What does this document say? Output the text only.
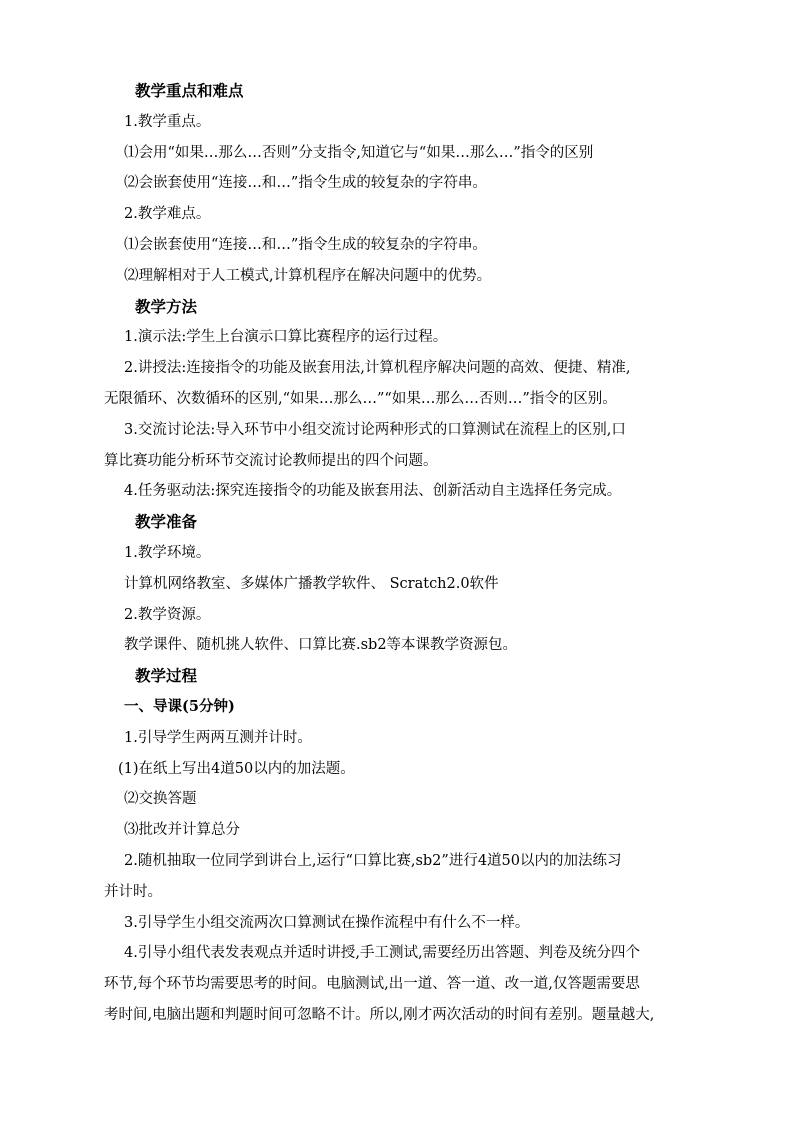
教学重点和难点
1.教学重点。
⑴会用“如果…那么…否则”分支指令,知道它与“如果…那么…”指令的区别
⑵会嵌套使用“连接…和…”指令生成的较复杂的字符串。
2.教学难点。
⑴会嵌套使用“连接…和…”指令生成的较复杂的字符串。
⑵理解相对于人工模式,计算机程序在解决问题中的优势。
教学方法
1.演示法:学生上台演示口算比赛程序的运行过程。
2.讲授法:连接指令的功能及嵌套用法,计算机程序解决问题的高效、便捷、精准,
无限循环、次数循环的区别,“如果…那么…”“如果…那么…否则…”指令的区别。
3.交流讨论法:导入环节中小组交流讨论两种形式的口算测试在流程上的区别,口
算比赛功能分析环节交流讨论教师提出的四个问题。
4.任务驱动法:探究连接指令的功能及嵌套用法、创新活动自主选择任务完成。
教学准备
1.教学环境。
计算机网络教室、多媒体广播教学软件、 Scratch2.0软件
2.教学资源。
教学课件、随机挑人软件、口算比赛.sb2等本课教学资源包。
教学过程
一、导课(5分钟)
1.引导学生两两互测并计时。
(1)在纸上写出4道50以内的加法题。
⑵交换答题
⑶批改并计算总分
2.随机抽取一位同学到讲台上,运行“口算比赛,sb2”进行4道50以内的加法练习
并计时。
3.引导学生小组交流两次口算测试在操作流程中有什么不一样。
4.引导小组代表发表观点并适时讲授,手工测试,需要经历出答题、判卷及统分四个
环节,每个环节均需要思考的时间。电脑测试,出一道、答一道、改一道,仅答题需要思
考时间,电脑出题和判题时间可忽略不计。所以,刚才两次活动的时间有差别。题量越大,
